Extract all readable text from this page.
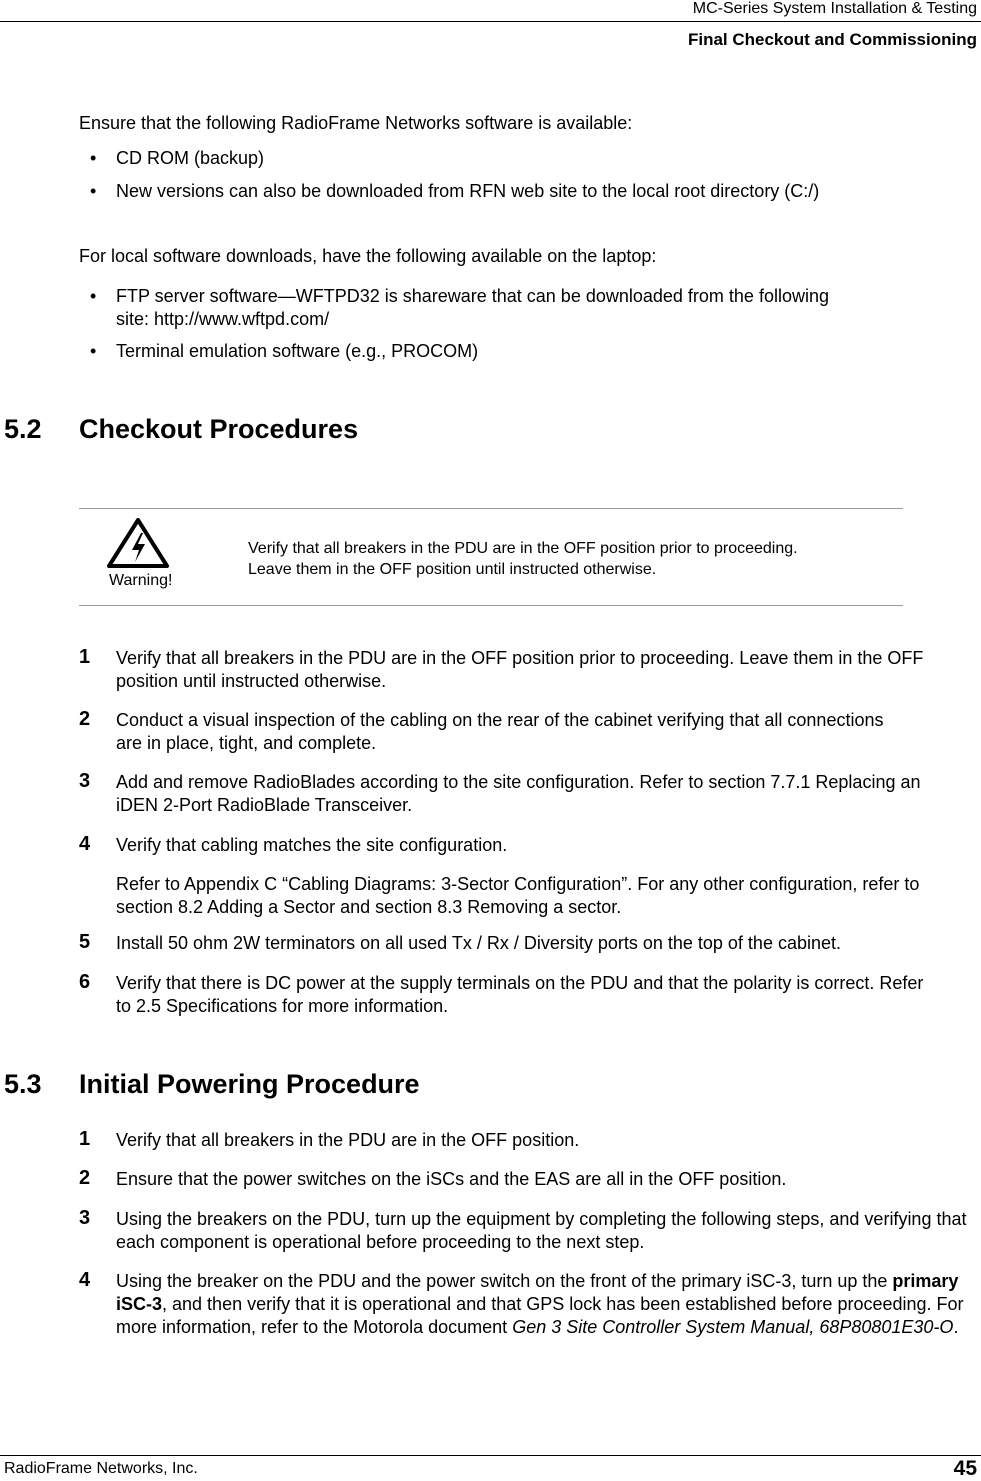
MC-Series System Installation & Testing
Final Checkout and Commissioning
Ensure that the following RadioFrame Networks software is available:
• CD ROM (backup)
• New versions can also be downloaded from RFN web site to the local root directory (C:/)
For local software downloads, have the following available on the laptop:
• FTP server software—WFTPD32 is shareware that can be downloaded from the following
site: http://www.wftpd.com/
• Terminal emulation software (e.g., PROCOM)
5.2 Checkout Procedures
Warning!
Verify that all breakers in the PDU are in the OFF position prior to proceeding.
Leave them in the OFF position until instructed otherwise.
1 Verify that all breakers in the PDU are in the OFF position prior to proceeding. Leave them in the OFF position until instructed otherwise.
2 Conduct a visual inspection of the cabling on the rear of the cabinet verifying that all connections are in place, tight, and complete.
3 Add and remove RadioBlades according to the site configuration. Refer to section 7.7.1 Replacing an iDEN 2-Port RadioBlade Transceiver.
4 Verify that cabling matches the site configuration.
Refer to Appendix C “Cabling Diagrams: 3-Sector Configuration”. For any other configuration, refer to section 8.2 Adding a Sector and section 8.3 Removing a sector.
5 Install 50 ohm 2W terminators on all used Tx / Rx / Diversity ports on the top of the cabinet.
6 Verify that there is DC power at the supply terminals on the PDU and that the polarity is correct. Refer to 2.5 Specifications for more information.
5.3 Initial Powering Procedure
1 Verify that all breakers in the PDU are in the OFF position.
2 Ensure that the power switches on the iSCs and the EAS are all in the OFF position.
3 Using the breakers on the PDU, turn up the equipment by completing the following steps, and verifying that each component is operational before proceeding to the next step.
4 Using the breaker on the PDU and the power switch on the front of the primary iSC-3, turn up the primary iSC-3, and then verify that it is operational and that GPS lock has been established before proceeding. For more information, refer to the Motorola document Gen 3 Site Controller System Manual, 68P80801E30-O.
RadioFrame Networks, Inc.	45
